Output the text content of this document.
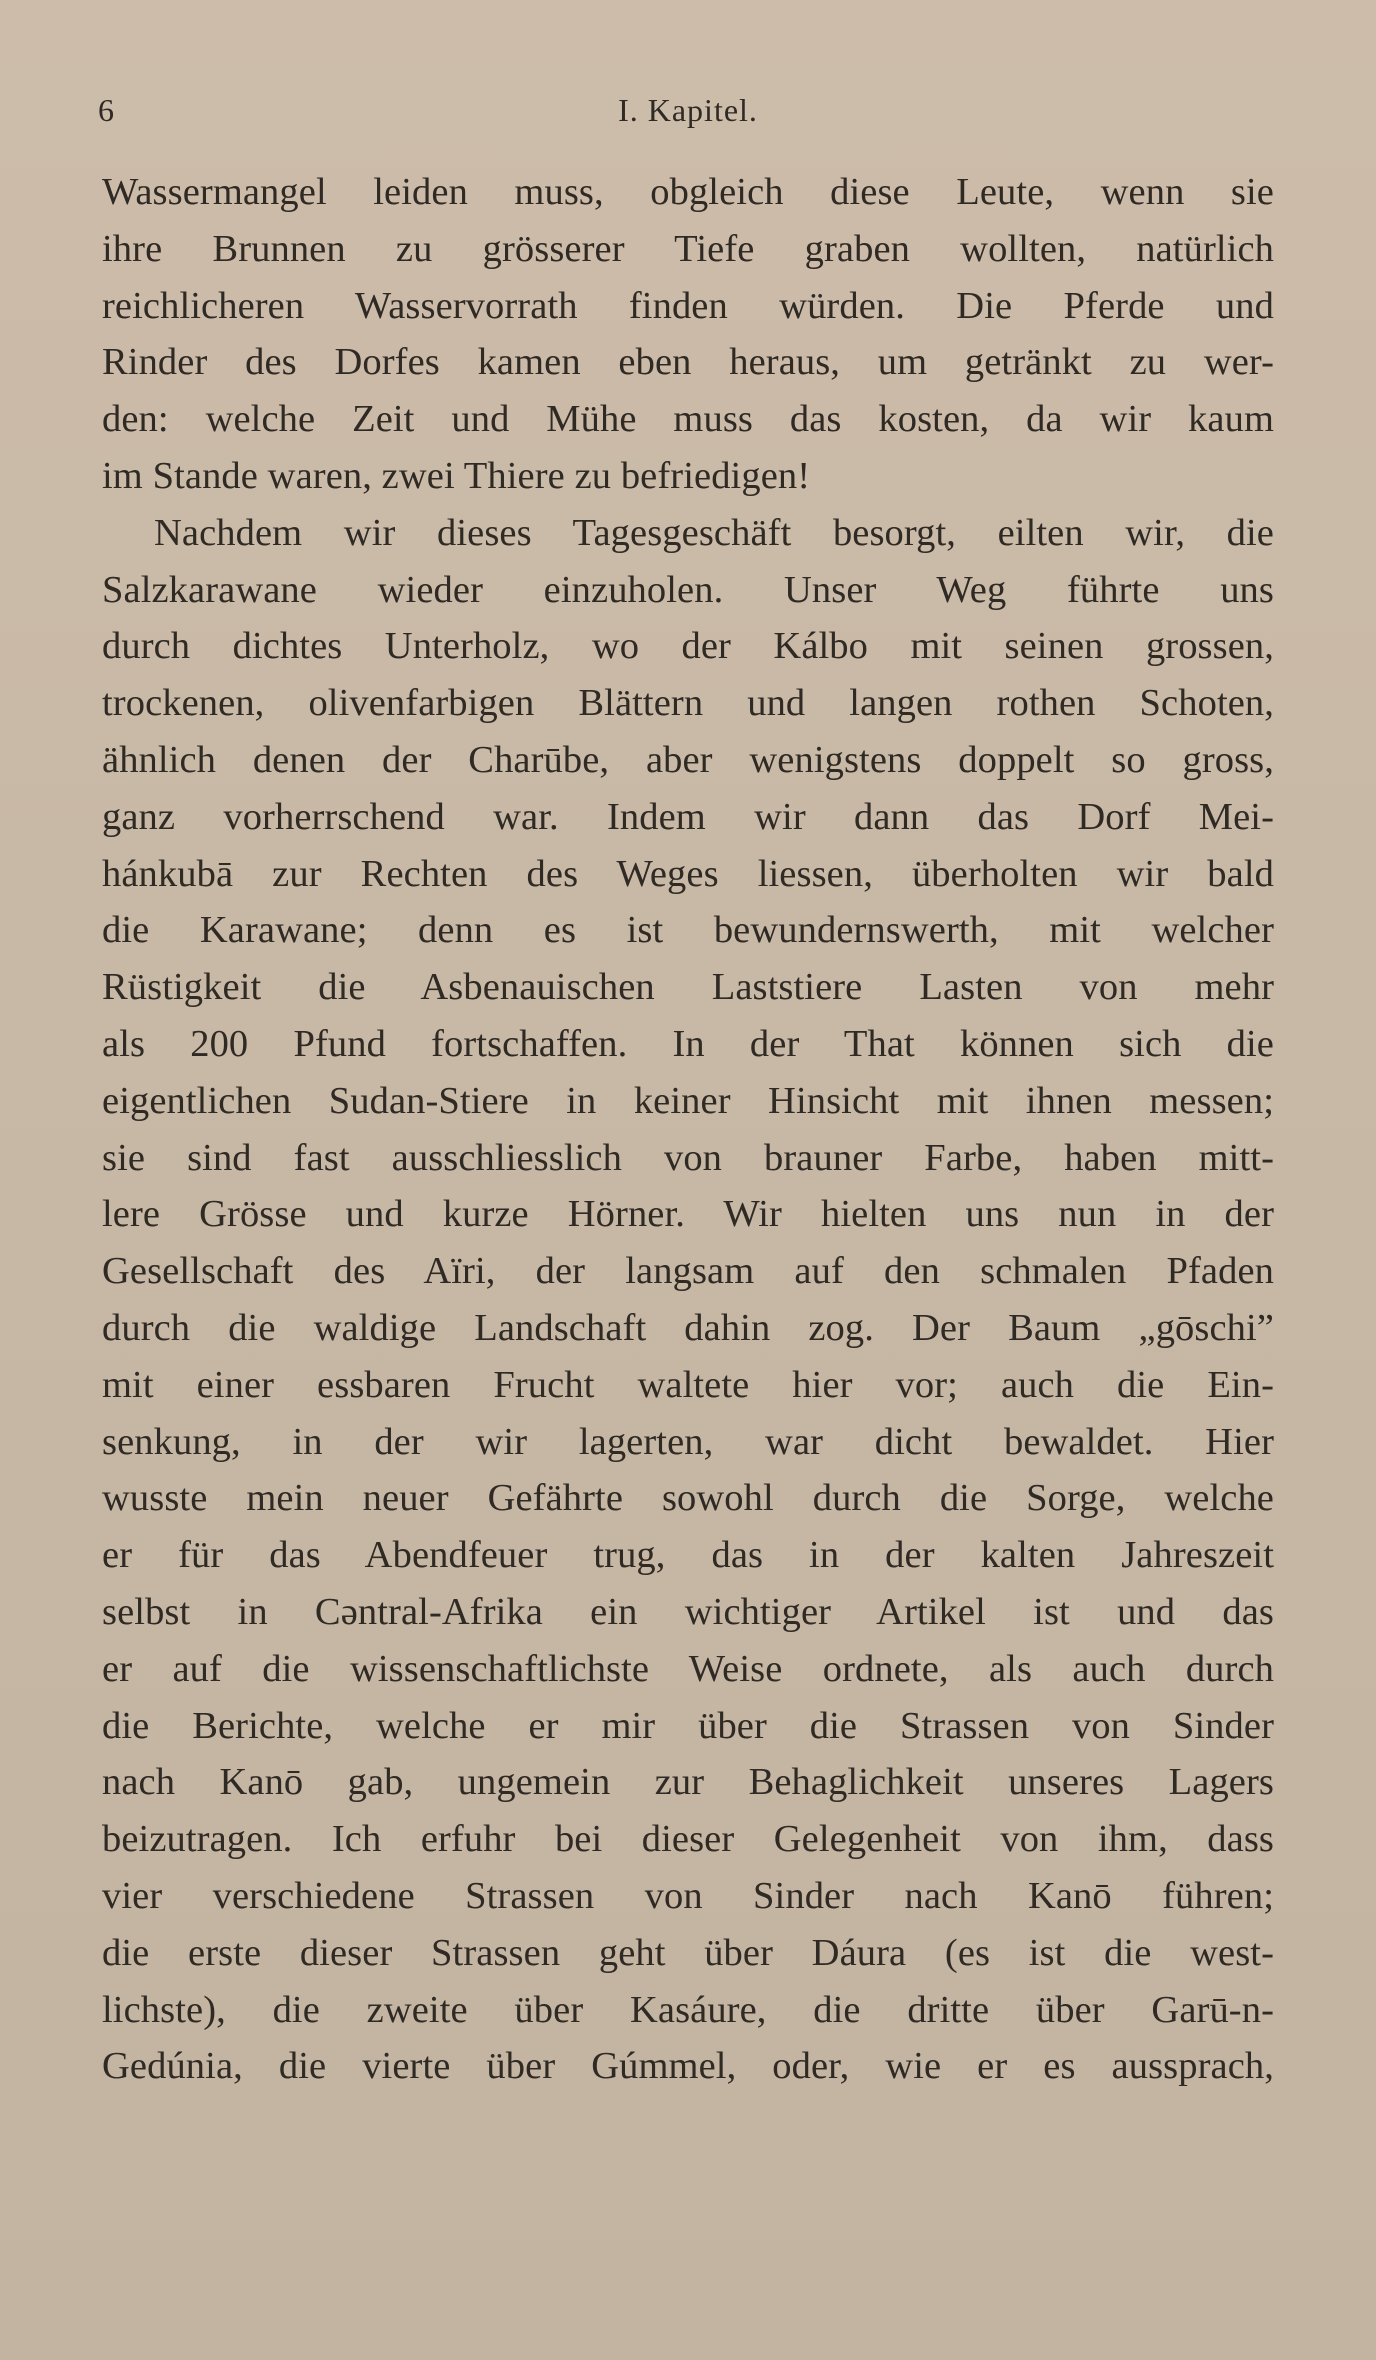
6	I. Kapitel.
Wassermangel leiden muss, obgleich diese Leute, wenn sie
ihre Brunnen zu grösserer Tiefe graben wollten, natürlich
reichlicheren Wasservorrath finden würden. Die Pferde und
Rinder des Dorfes kamen eben heraus, um getränkt zu wer-
den: welche Zeit und Mühe muss das kosten, da wir kaum
im Stande waren, zwei Thiere zu befriedigen!
Nachdem wir dieses Tagesgeschäft besorgt, eilten wir, die
Salzkarawane wieder einzuholen. Unser Weg führte uns
durch dichtes Unterholz, wo der Kálbo mit seinen grossen,
trockenen, olivenfarbigen Blättern und langen rothen Schoten,
ähnlich denen der Charūbe, aber wenigstens doppelt so gross,
ganz vorherrschend war. Indem wir dann das Dorf Mei-
hánkubā zur Rechten des Weges liessen, überholten wir bald
die Karawane; denn es ist bewundernswerth, mit welcher
Rüstigkeit die Asbenauischen Laststiere Lasten von mehr
als 200 Pfund fortschaffen. In der That können sich die
eigentlichen Sudan-Stiere in keiner Hinsicht mit ihnen messen;
sie sind fast ausschliesslich von brauner Farbe, haben mitt-
lere Grösse und kurze Hörner. Wir hielten uns nun in der
Gesellschaft des Aïri, der langsam auf den schmalen Pfaden
durch die waldige Landschaft dahin zog. Der Baum „gōschi”
mit einer essbaren Frucht waltete hier vor; auch die Ein-
senkung, in der wir lagerten, war dicht bewaldet. Hier
wusste mein neuer Gefährte sowohl durch die Sorge, welche
er für das Abendfeuer trug, das in der kalten Jahreszeit
selbst in Cǝntral-Afrika ein wichtiger Artikel ist und das
er auf die wissenschaftlichste Weise ordnete, als auch durch
die Berichte, welche er mir über die Strassen von Sinder
nach Kanō gab, ungemein zur Behaglichkeit unseres Lagers
beizutragen. Ich erfuhr bei dieser Gelegenheit von ihm, dass
vier verschiedene Strassen von Sinder nach Kanō führen;
die erste dieser Strassen geht über Dáura (es ist die west-
lichste), die zweite über Kasáure, die dritte über Garū-n-
Gedúnia, die vierte über Gúmmel, oder, wie er es aussprach,
